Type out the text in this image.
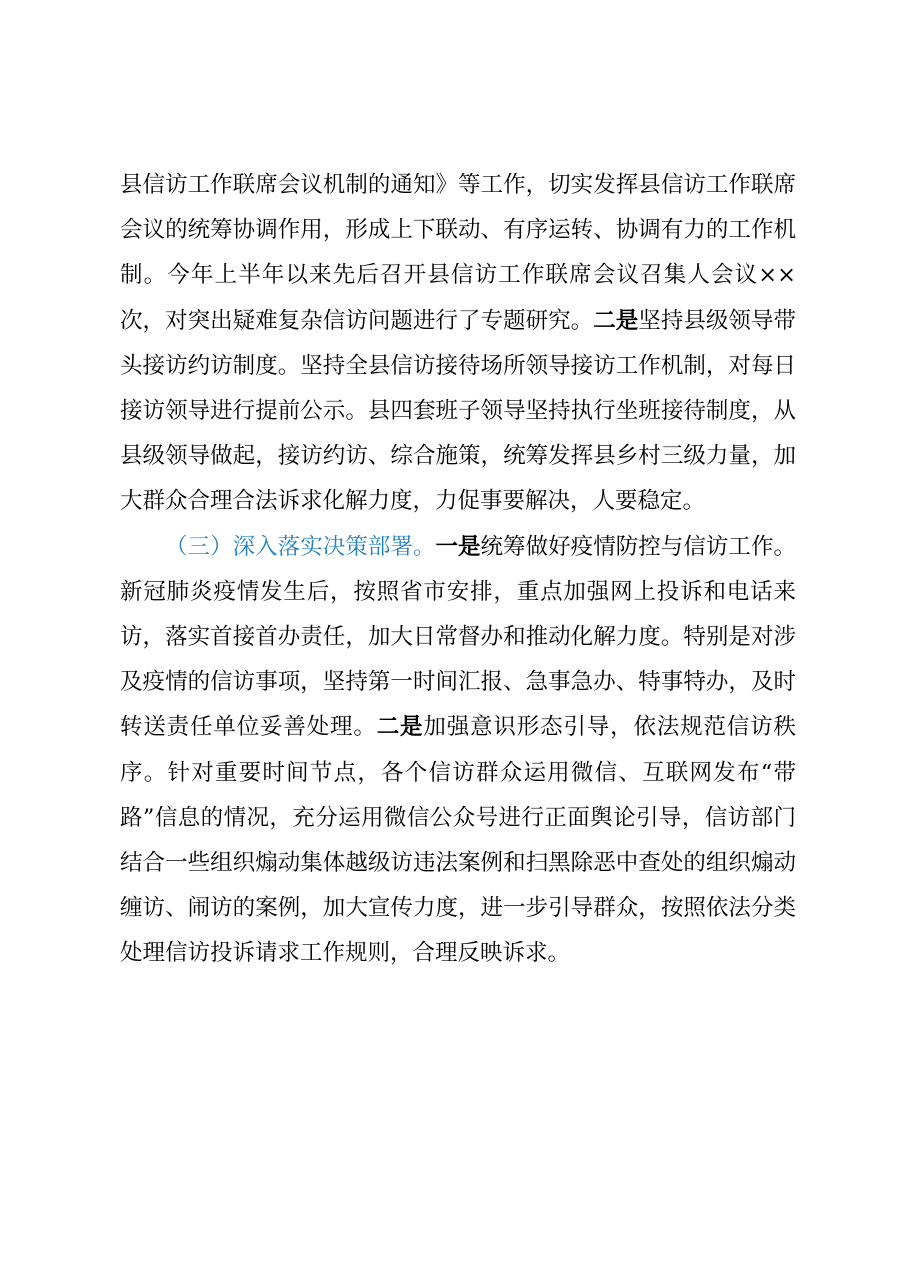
县信访工作联席会议机制的通知》等工作，切实发挥县信访工作联席会议的统筹协调作用，形成上下联动、有序运转、协调有力的工作机制。今年上半年以来先后召开县信访工作联席会议召集人会议××次，对突出疑难复杂信访问题进行了专题研究。二是坚持县级领导带头接访约访制度。坚持全县信访接待场所领导接访工作机制，对每日接访领导进行提前公示。县四套班子领导坚持执行坐班接待制度，从县级领导做起，接访约访、综合施策，统筹发挥县乡村三级力量，加大群众合理合法诉求化解力度，力促事要解决，人要稳定。

（三）深入落实决策部署。一是统筹做好疫情防控与信访工作。新冠肺炎疫情发生后，按照省市安排，重点加强网上投诉和电话来访，落实首接首办责任，加大日常督办和推动化解力度。特别是对涉及疫情的信访事项，坚持第一时间汇报、急事急办、特事特办，及时转送责任单位妥善处理。二是加强意识形态引导，依法规范信访秩序。针对重要时间节点，各个信访群众运用微信、互联网发布“带路”信息的情况，充分运用微信公众号进行正面舆论引导，信访部门结合一些组织煽动集体越级访违法案例和扫黑除恶中查处的组织煽动缠访、闹访的案例，加大宣传力度，进一步引导群众，按照依法分类处理信访投诉请求工作规则，合理反映诉求。
